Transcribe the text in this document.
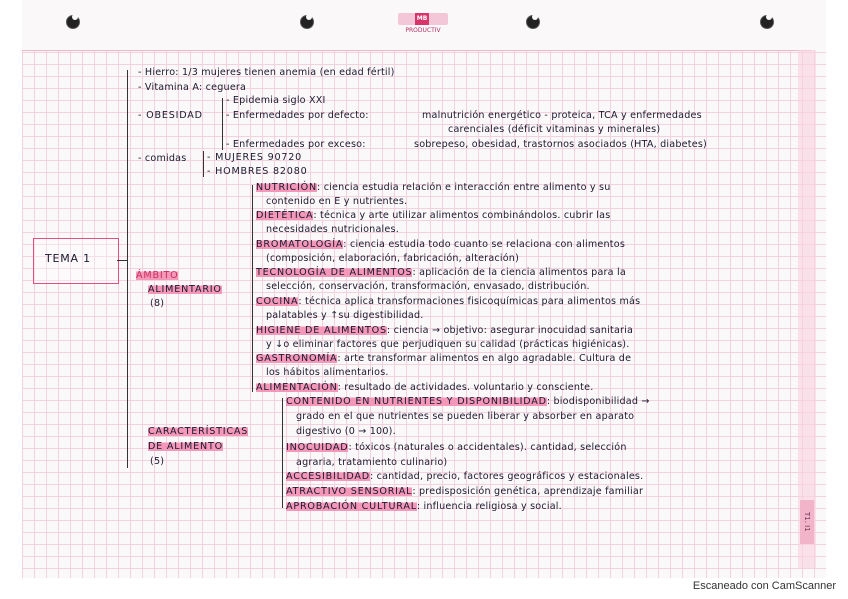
MBPRODUCTIV
T1. I1
TEMA 1
- Hierro: 1/3 mujeres tienen anemia (en edad fértil)
- Vitamina A: ceguera
- OBESIDAD
- Epidemia siglo XXI
- Enfermedades por defecto:	malnutrición energético - proteica, TCA y enfermedades
carenciales (déficit vitaminas y minerales)
- Enfermedades por exceso:	sobrepeso, obesidad, trastornos asociados (HTA, diabetes)
- comidas - MUJERES 90720
- HOMBRES 82080
ÁMBITO
ALIMENTARIO
(8)
NUTRICIÓN: ciencia estudia relación e interacción entre alimento y su
contenido en E y nutrientes.
DIETÉTICA: técnica y arte utilizar alimentos combinándolos. cubrir las
necesidades nutricionales.
BROMATOLOGÍA: ciencia estudia todo cuanto se relaciona con alimentos
(composición, elaboración, fabricación, alteración)
TECNOLOGÍA DE ALIMENTOS: aplicación de la ciencia alimentos para la
selección, conservación, transformación, envasado, distribución.
COCINA: técnica aplica transformaciones fisicoquímicas para alimentos más
palatables y ↑su digestibilidad.
HIGIENE DE ALIMENTOS: ciencia → objetivo: asegurar inocuidad sanitaria
y ↓o eliminar factores que perjudiquen su calidad (prácticas higiénicas).
GASTRONOMÍA: arte transformar alimentos en algo agradable. Cultura de
los hábitos alimentarios.
ALIMENTACIÓN: resultado de actividades. voluntario y consciente.
CARACTERÍSTICAS
DE ALIMENTO
(5)
CONTENIDO EN NUTRIENTES Y DISPONIBILIDAD: biodisponibilidad →
grado en el que nutrientes se pueden liberar y absorber en aparato
digestivo (0 → 100).
INOCUIDAD: tóxicos (naturales o accidentales). cantidad, selección
agraria, tratamiento culinario)
ACCESIBILIDAD: cantidad, precio, factores geográficos y estacionales.
ATRACTIVO SENSORIAL: predisposición genética, aprendizaje familiar
APROBACIÓN CULTURAL: influencia religiosa y social.
Escaneado con CamScanner
